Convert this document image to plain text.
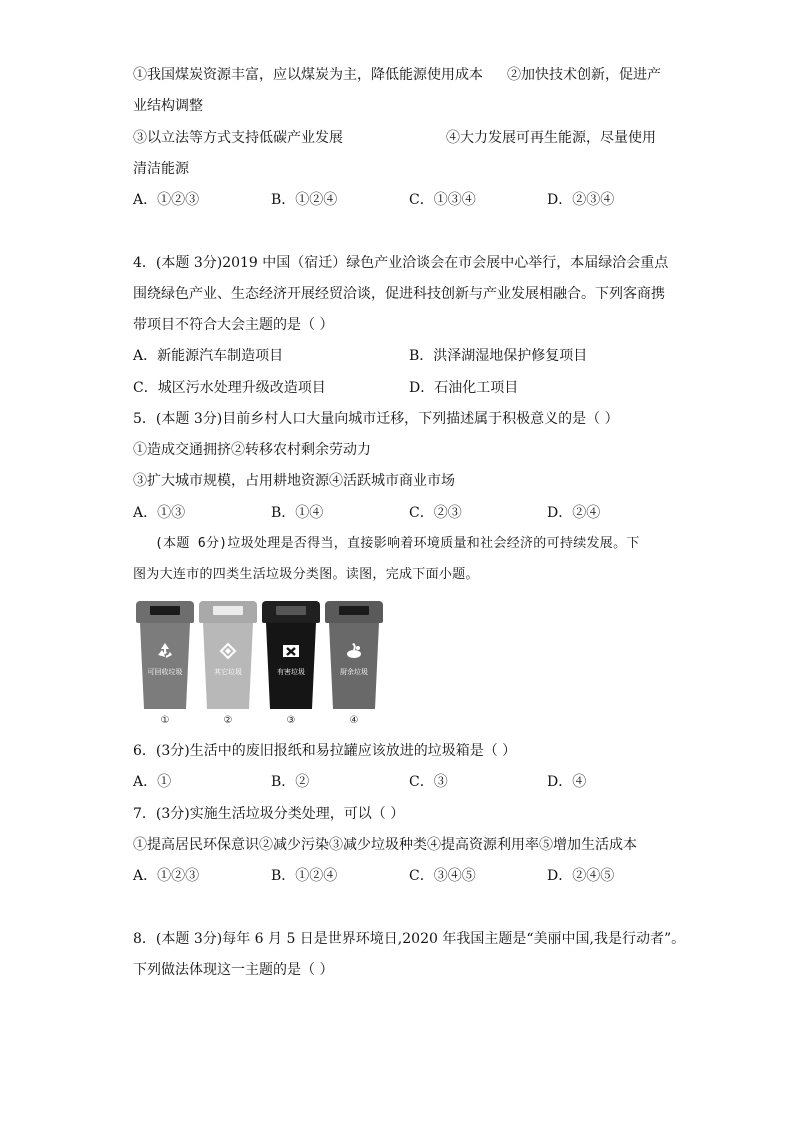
①我国煤炭资源丰富，应以煤炭为主，降低能源使用成本 ②加快技术创新，促进产
业结构调整
③以立法等方式支持低碳产业发展	④大力发展可再生能源，尽量使用
清洁能源
A．①②③	B．①②④	C．①③④	D．②③④
4．(本题 3分)2019 中国（宿迁）绿色产业洽谈会在市会展中心举行，本届绿洽会重点
围绕绿色产业、生态经济开展经贸洽谈，促进科技创新与产业发展相融合。下列客商携
带项目不符合大会主题的是（ ）
A．新能源汽车制造项目	B．洪泽湖湿地保护修复项目
C．城区污水处理升级改造项目	D．石油化工项目
5．(本题 3分)目前乡村人口大量向城市迁移，下列描述属于积极意义的是（ ）
①造成交通拥挤②转移农村剩余劳动力
③扩大城市规模，占用耕地资源④活跃城市商业市场
A．①③	B．①④	C．②③	D．②④
(本题 6分)垃圾处理是否得当，直接影响着环境质量和社会经济的可持续发展。下
图为大连市的四类生活垃圾分类图。读图，完成下面小题。
可回收垃圾
①
其它垃圾
②
有害垃圾
③
厨余垃圾
④
6．(3分)生活中的废旧报纸和易拉罐应该放进的垃圾箱是（ ）
A．①	B．②	C．③	D．④
7．(3分)实施生活垃圾分类处理，可以（ ）
①提高居民环保意识②减少污染③减少垃圾种类④提高资源利用率⑤增加生活成本
A．①②③	B．①②④	C．③④⑤	D．②④⑤
8．(本题 3分)每年 6 月 5 日是世界环境日,2020 年我国主题是“美丽中国,我是行动者”。
下列做法体现这一主题的是（ ）
